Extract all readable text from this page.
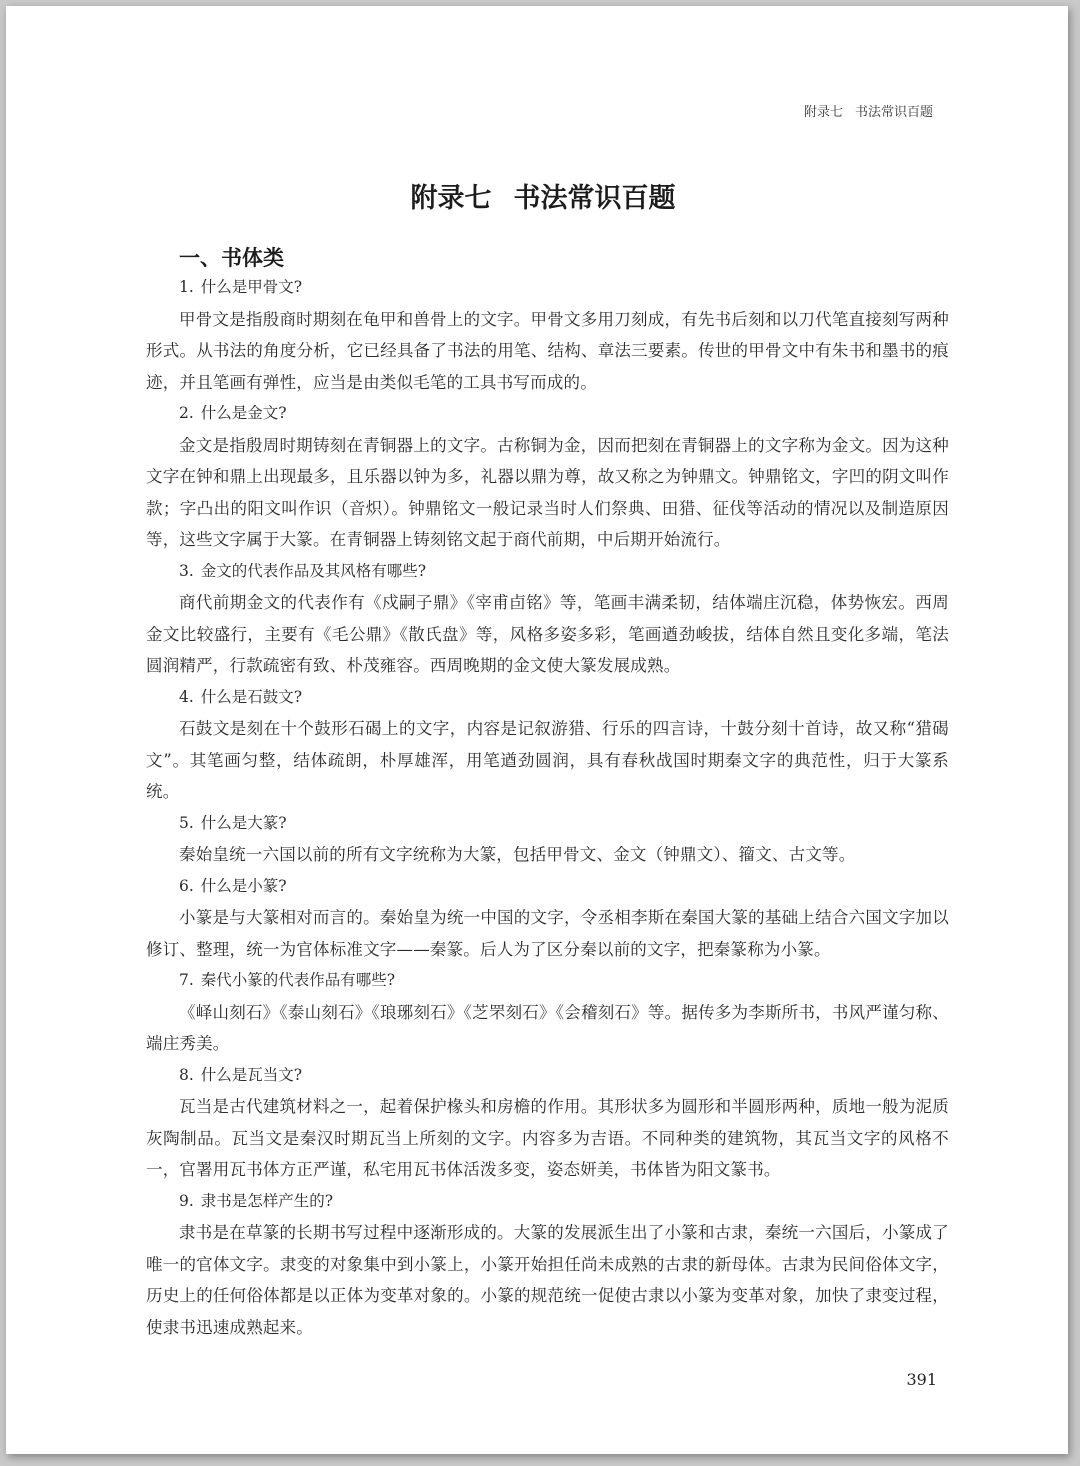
附录七 书法常识百题
附录七 书法常识百题
一、书体类

1. 什么是甲骨文?

甲骨文是指殷商时期刻在龟甲和兽骨上的文字。甲骨文多用刀刻成，有先书后刻和以刀代笔直接刻写两种形式。从书法的角度分析，它已经具备了书法的用笔、结构、章法三要素。传世的甲骨文中有朱书和墨书的痕迹，并且笔画有弹性，应当是由类似毛笔的工具书写而成的。

2. 什么是金文?

金文是指殷周时期铸刻在青铜器上的文字。古称铜为金，因而把刻在青铜器上的文字称为金文。因为这种文字在钟和鼎上出现最多，且乐器以钟为多，礼器以鼎为尊，故又称之为钟鼎文。钟鼎铭文，字凹的阴文叫作款；字凸出的阳文叫作识（音炽）。钟鼎铭文一般记录当时人们祭典、田猎、征伐等活动的情况以及制造原因等，这些文字属于大篆。在青铜器上铸刻铭文起于商代前期，中后期开始流行。

3. 金文的代表作品及其风格有哪些?

商代前期金文的代表作有《戍嗣子鼎》《宰甫卣铭》等，笔画丰满柔韧，结体端庄沉稳，体势恢宏。西周金文比较盛行，主要有《毛公鼎》《散氏盘》等，风格多姿多彩，笔画遒劲峻拔，结体自然且变化多端，笔法圆润精严，行款疏密有致、朴茂雍容。西周晚期的金文使大篆发展成熟。

4. 什么是石鼓文?

石鼓文是刻在十个鼓形石碣上的文字，内容是记叙游猎、行乐的四言诗，十鼓分刻十首诗，故又称“猎碣文”。其笔画匀整，结体疏朗，朴厚雄浑，用笔遒劲圆润，具有春秋战国时期秦文字的典范性，归于大篆系统。

5. 什么是大篆?

秦始皇统一六国以前的所有文字统称为大篆，包括甲骨文、金文（钟鼎文）、籀文、古文等。

6. 什么是小篆?

小篆是与大篆相对而言的。秦始皇为统一中国的文字，令丞相李斯在秦国大篆的基础上结合六国文字加以修订、整理，统一为官体标准文字——秦篆。后人为了区分秦以前的文字，把秦篆称为小篆。

7. 秦代小篆的代表作品有哪些?

《峄山刻石》《泰山刻石》《琅琊刻石》《芝罘刻石》《会稽刻石》等。据传多为李斯所书，书风严谨匀称、端庄秀美。

8. 什么是瓦当文?

瓦当是古代建筑材料之一，起着保护椽头和房檐的作用。其形状多为圆形和半圆形两种，质地一般为泥质灰陶制品。瓦当文是秦汉时期瓦当上所刻的文字。内容多为吉语。不同种类的建筑物，其瓦当文字的风格不一，官署用瓦书体方正严谨，私宅用瓦书体活泼多变，姿态妍美，书体皆为阳文篆书。

9. 隶书是怎样产生的?

隶书是在草篆的长期书写过程中逐渐形成的。大篆的发展派生出了小篆和古隶，秦统一六国后，小篆成了唯一的官体文字。隶变的对象集中到小篆上，小篆开始担任尚未成熟的古隶的新母体。古隶为民间俗体文字，历史上的任何俗体都是以正体为变革对象的。小篆的规范统一促使古隶以小篆为变革对象，加快了隶变过程，使隶书迅速成熟起来。

391
